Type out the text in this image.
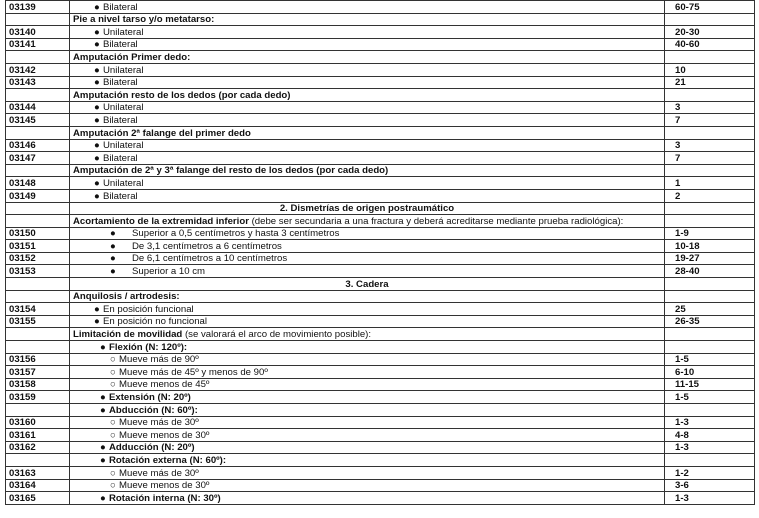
03139	● Bilateral	60-75
	Pie a nivel tarso y/o metatarso:	
03140	● Unilateral	20-30
03141	● Bilateral	40-60
	Amputación Primer dedo:	
03142	● Unilateral	10
03143	● Bilateral	21
	Amputación resto de los dedos (por cada dedo)	
03144	● Unilateral	3
03145	● Bilateral	7
	Amputación 2ª falange del primer dedo	
03146	● Unilateral	3
03147	● Bilateral	7
	Amputación de 2ª y 3ª falange del resto de los dedos (por cada dedo)	
03148	● Unilateral	1
03149	● Bilateral	2
	2. Dismetrías de origen postraumático	
	Acortamiento de la extremidad inferior (debe ser secundaria a una fractura y deberá acreditarse mediante prueba radiológica):	
03150	● Superior a 0,5 centímetros y hasta 3 centímetros	1-9
03151	● De 3,1 centímetros a 6 centímetros	10-18
03152	● De 6,1 centímetros a 10 centímetros	19-27
03153	● Superior a 10 cm	28-40
	3. Cadera	
	Anquilosis / artrodesis:	
03154	● En posición funcional	25
03155	● En posición no funcional	26-35
	Limitación de movilidad (se valorará el arco de movimiento posible):	
	● Flexión (N: 120º):	
03156	○ Mueve más de 90º	1-5
03157	○ Mueve más de 45º y menos de 90º	6-10
03158	○ Mueve menos de 45º	11-15
03159	● Extensión (N: 20º)	1-5
	● Abducción (N: 60º):	
03160	○ Mueve más de 30º	1-3
03161	○ Mueve menos de 30º	4-8
03162	● Adducción (N: 20º)	1-3
	● Rotación externa (N: 60º):	
03163	○ Mueve más de 30º	1-2
03164	○ Mueve menos de 30º	3-6
03165	● Rotación interna (N: 30º)	1-3
